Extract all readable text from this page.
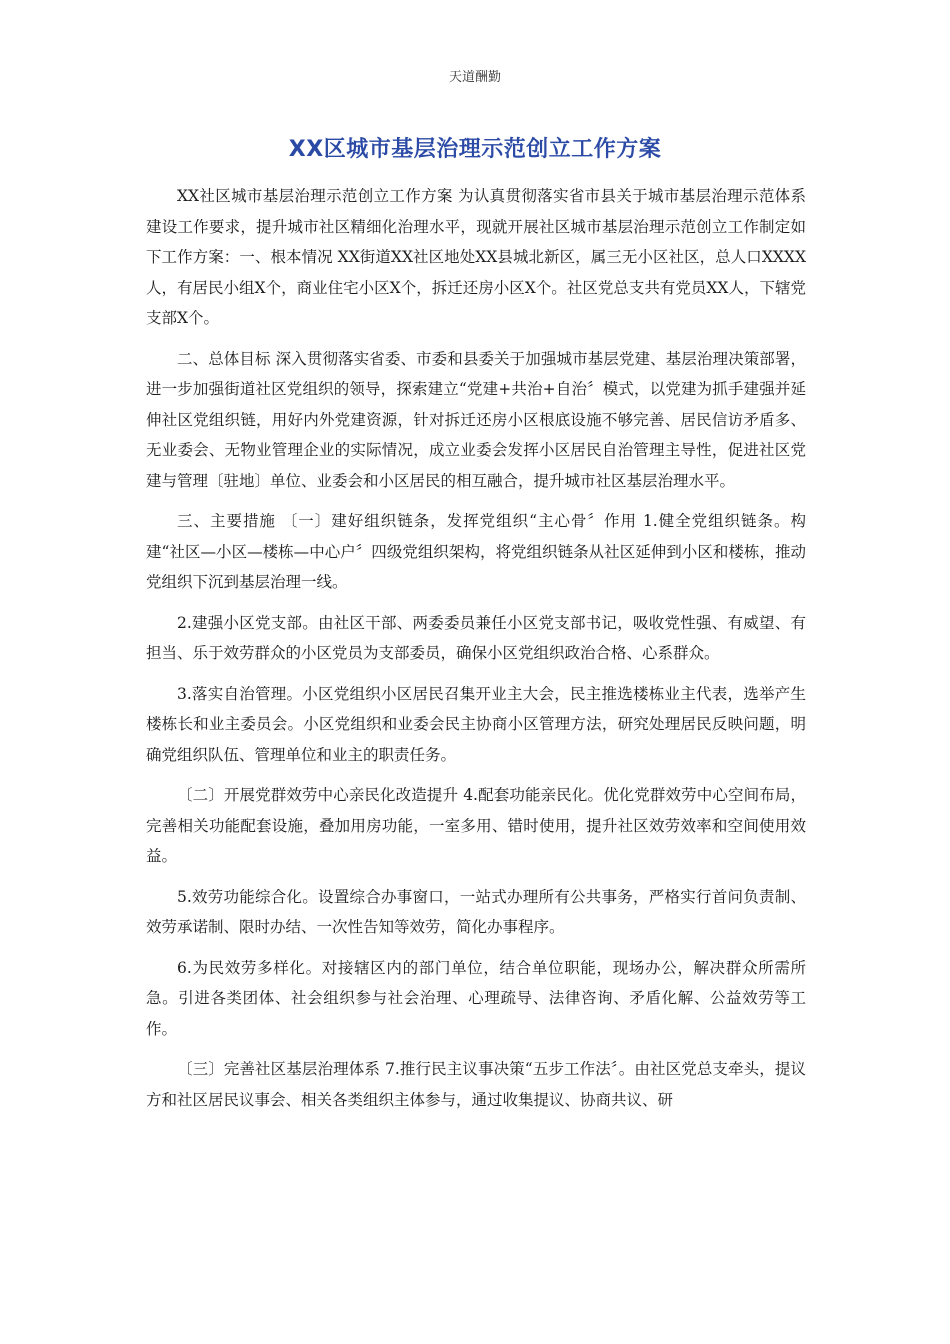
天道酬勤
XX区城市基层治理示范创立工作方案

XX社区城市基层治理示范创立工作方案 为认真贯彻落实省市县关于城市基层治理示范体系建设工作要求，提升城市社区精细化治理水平，现就开展社区城市基层治理示范创立工作制定如下工作方案：一、根本情况 XX街道XX社区地处XX县城北新区，属三无小区社区，总人口XXXX人，有居民小组X个，商业住宅小区X个，拆迁还房小区X个。社区党总支共有党员XX人，下辖党支部X个。

二、总体目标 深入贯彻落实省委、市委和县委关于加强城市基层党建、基层治理决策部署，进一步加强街道社区党组织的领导，探索建立“党建+共治+自治〞模式，以党建为抓手建强并延伸社区党组织链，用好内外党建资源，针对拆迁还房小区根底设施不够完善、居民信访矛盾多、无业委会、无物业管理企业的实际情况，成立业委会发挥小区居民自治管理主导性，促进社区党建与管理〔驻地〕单位、业委会和小区居民的相互融合，提升城市社区基层治理水平。

三、主要措施 〔一〕建好组织链条，发挥党组织“主心骨〞作用 1.健全党组织链条。构建“社区—小区—楼栋—中心户〞四级党组织架构，将党组织链条从社区延伸到小区和楼栋，推动党组织下沉到基层治理一线。

2.建强小区党支部。由社区干部、两委委员兼任小区党支部书记，吸收党性强、有威望、有担当、乐于效劳群众的小区党员为支部委员，确保小区党组织政治合格、心系群众。

3.落实自治管理。小区党组织小区居民召集开业主大会，民主推选楼栋业主代表，选举产生楼栋长和业主委员会。小区党组织和业委会民主协商小区管理方法，研究处理居民反映问题，明确党组织队伍、管理单位和业主的职责任务。

〔二〕开展党群效劳中心亲民化改造提升 4.配套功能亲民化。优化党群效劳中心空间布局，完善相关功能配套设施，叠加用房功能，一室多用、错时使用，提升社区效劳效率和空间使用效益。

5.效劳功能综合化。设置综合办事窗口，一站式办理所有公共事务，严格实行首问负责制、效劳承诺制、限时办结、一次性告知等效劳，简化办事程序。

6.为民效劳多样化。对接辖区内的部门单位，结合单位职能，现场办公，解决群众所需所急。引进各类团体、社会组织参与社会治理、心理疏导、法律咨询、矛盾化解、公益效劳等工作。

〔三〕完善社区基层治理体系 7.推行民主议事决策“五步工作法〞。由社区党总支牵头，提议方和社区居民议事会、相关各类组织主体参与，通过收集提议、协商共议、研
